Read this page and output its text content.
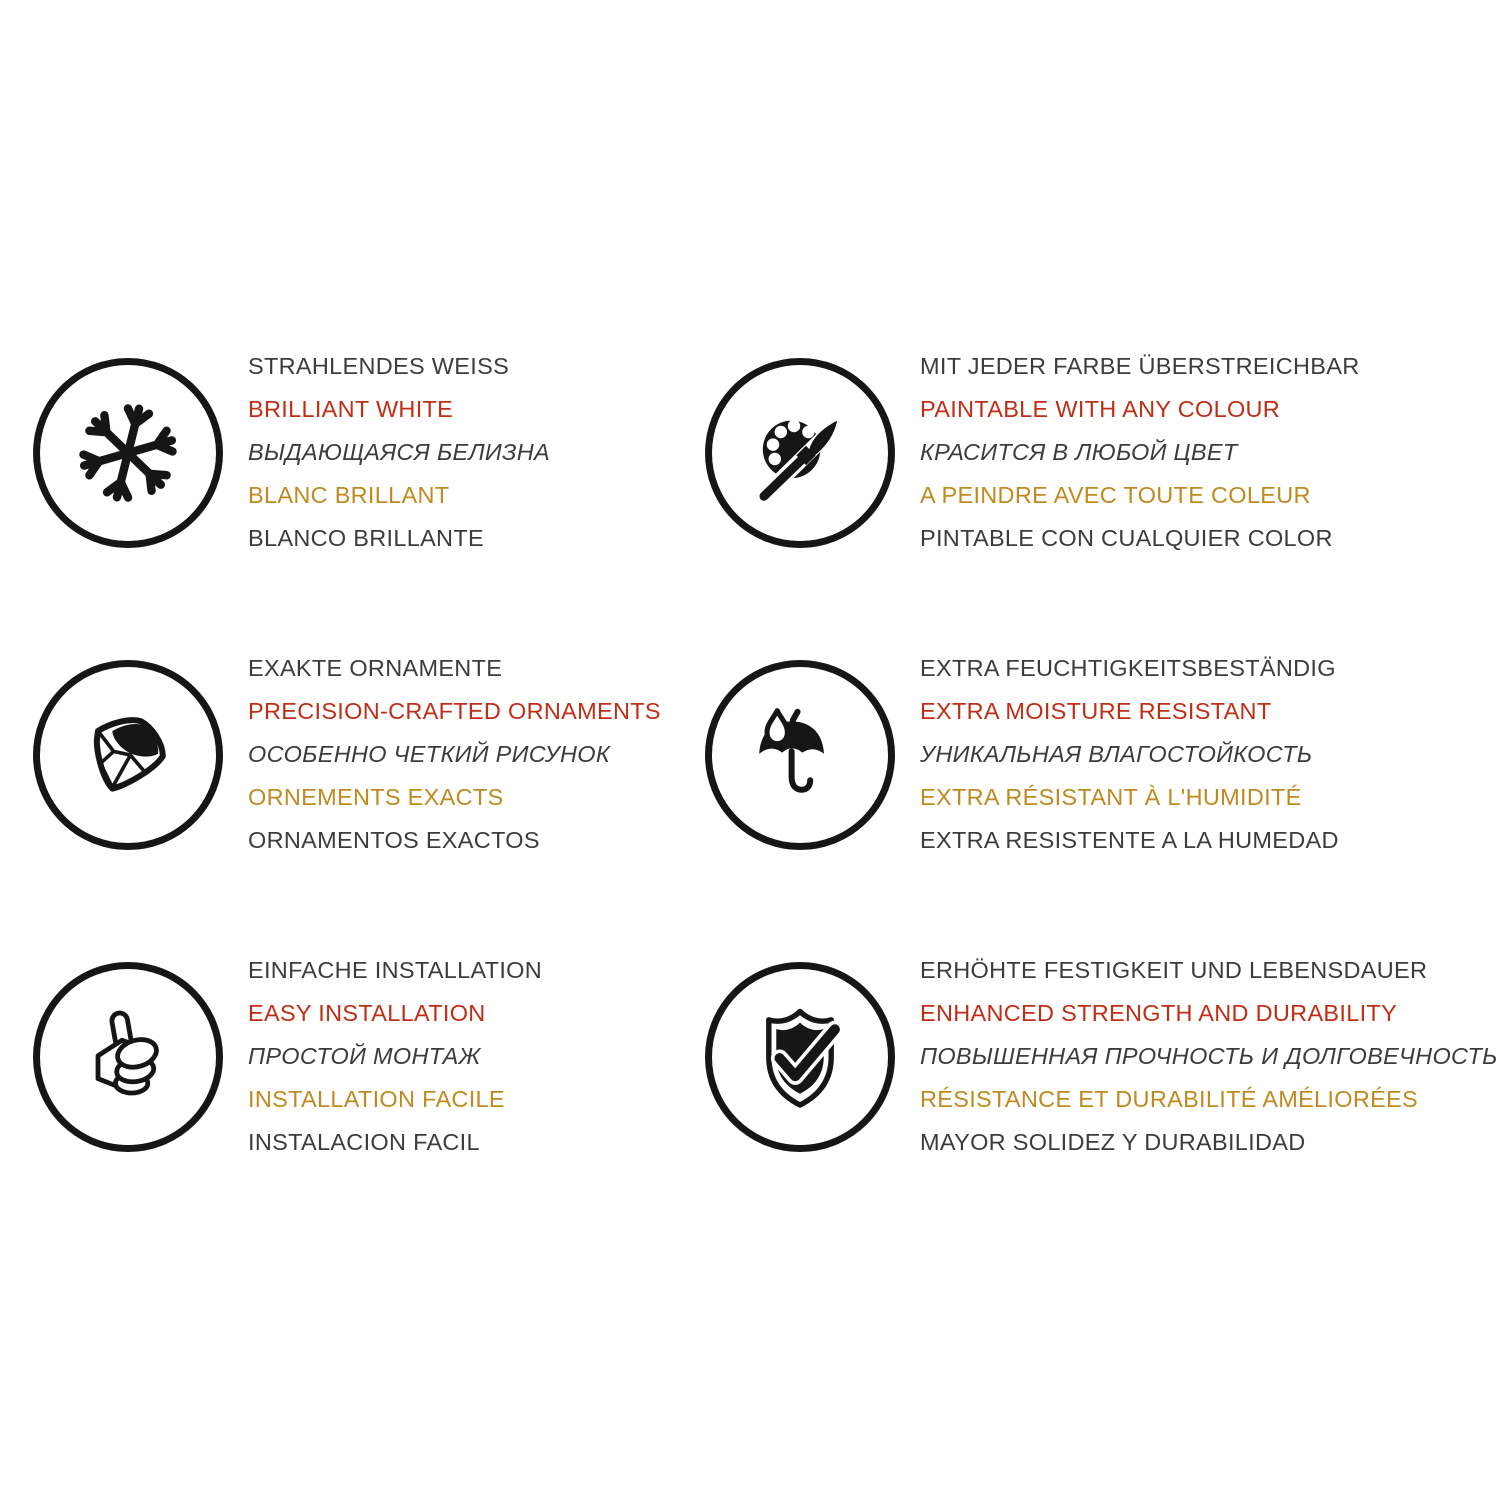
STRAHLENDES WEISS
BRILLIANT WHITE
ВЫДАЮЩАЯСЯ БЕЛИЗНА
BLANC BRILLANT
BLANCO BRILLANTE
MIT JEDER FARBE ÜBERSTREICHBAR
PAINTABLE WITH ANY COLOUR
КРАСИТСЯ В ЛЮБОЙ ЦВЕТ
A PEINDRE AVEC TOUTE COLEUR
PINTABLE CON CUALQUIER COLOR
EXAKTE ORNAMENTE
PRECISION-CRAFTED ORNAMENTS
ОСОБЕННО ЧЕТКИЙ РИСУНОК
ORNEMENTS EXACTS
ORNAMENTOS EXACTOS
EXTRA FEUCHTIGKEITSBESTÄNDIG
EXTRA MOISTURE RESISTANT
УНИКАЛЬНАЯ ВЛАГОСТОЙКОСТЬ
EXTRA RÉSISTANT À L'HUMIDITÉ
EXTRA RESISTENTE A LA HUMEDAD
EINFACHE INSTALLATION
EASY INSTALLATION
ПРОСТОЙ МОНТАЖ
INSTALLATION FACILE
INSTALACION FACIL
ERHÖHTE FESTIGKEIT UND LEBENSDAUER
ENHANCED STRENGTH AND DURABILITY
ПОВЫШЕННАЯ ПРОЧНОСТЬ И ДОЛГОВЕЧНОСТЬ
RÉSISTANCE ET DURABILITÉ AMÉLIORÉES
MAYOR SOLIDEZ Y DURABILIDAD
